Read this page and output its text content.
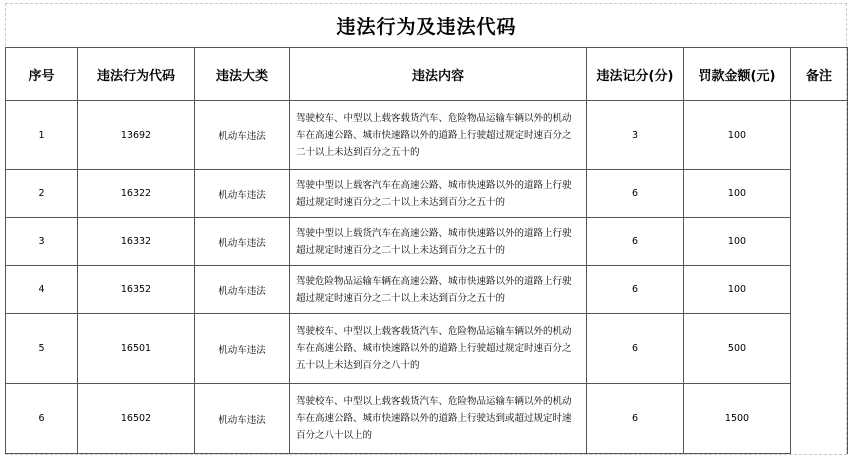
违法行为及违法代码						
序号	违法行为代码	违法大类	违法内容	违法记分(分)	罚款金额(元)	备注
1	13692	机动车违法	驾驶校车、中型以上载客载货汽车、危险物品运输车辆以外的机动车在高速公路、城市快速路以外的道路上行驶超过规定时速百分之二十以上未达到百分之五十的	3	100	
2	16322	机动车违法	驾驶中型以上载客汽车在高速公路、城市快速路以外的道路上行驶超过规定时速百分之二十以上未达到百分之五十的	6	100	
3	16332	机动车违法	驾驶中型以上载货汽车在高速公路、城市快速路以外的道路上行驶超过规定时速百分之二十以上未达到百分之五十的	6	100	
4	16352	机动车违法	驾驶危险物品运输车辆在高速公路、城市快速路以外的道路上行驶超过规定时速百分之二十以上未达到百分之五十的	6	100	
5	16501	机动车违法	驾驶校车、中型以上载客载货汽车、危险物品运输车辆以外的机动车在高速公路、城市快速路以外的道路上行驶超过规定时速百分之五十以上未达到百分之八十的	6	500	
6	16502	机动车违法	驾驶校车、中型以上载客载货汽车、危险物品运输车辆以外的机动车在高速公路、城市快速路以外的道路上行驶达到或超过规定时速百分之八十以上的	6	1500	
